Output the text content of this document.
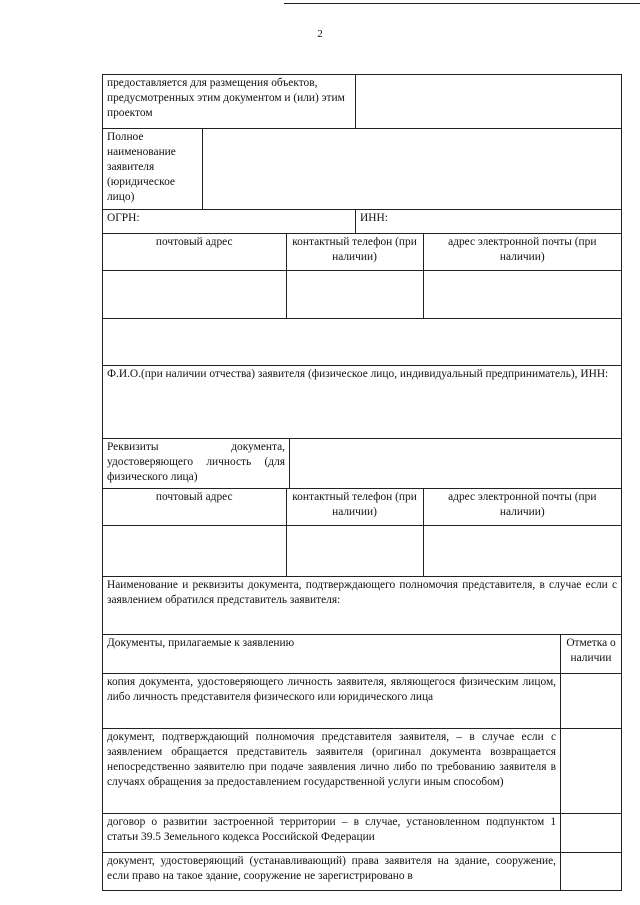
2
предоставляется для размещения объектов, предусмотренных этим документом и (или) этим проектом	
Полное наименование заявителя (юридическое лицо)	
ОГРН:	ИНН:

почтовый адрес	контактный телефон (при наличии)	адрес электронной почты (при наличии)

Ф.И.О.(при наличии отчества) заявителя (физическое лицо, индивидуальный предприниматель), ИНН:
Реквизиты документа, удостоверяющего личность (для физического лица)	

почтовый адрес	контактный телефон (при наличии)	адрес электронной почты (при наличии)

Наименование и реквизиты документа, подтверждающего полномочия представителя, в случае если с заявлением обратился представитель заявителя:
Документы, прилагаемые к заявлению	Отметка о наличии
копия документа, удостоверяющего личность заявителя, являющегося физическим лицом, либо личность представителя физического или юридического лица	
документ, подтверждающий полномочия представителя заявителя, – в случае если с заявлением обращается представитель заявителя (оригинал документа возвращается непосредственно заявителю при подаче заявления лично либо по требованию заявителя в случаях обращения за предоставлением государственной услуги иным способом)	
договор о развитии застроенной территории – в случае, установленном подпунктом 1 статьи 39.5 Земельного кодекса Российской Федерации	
документ, удостоверяющий (устанавливающий) права заявителя на здание, сооружение, если право на такое здание, сооружение не зарегистрировано в	
